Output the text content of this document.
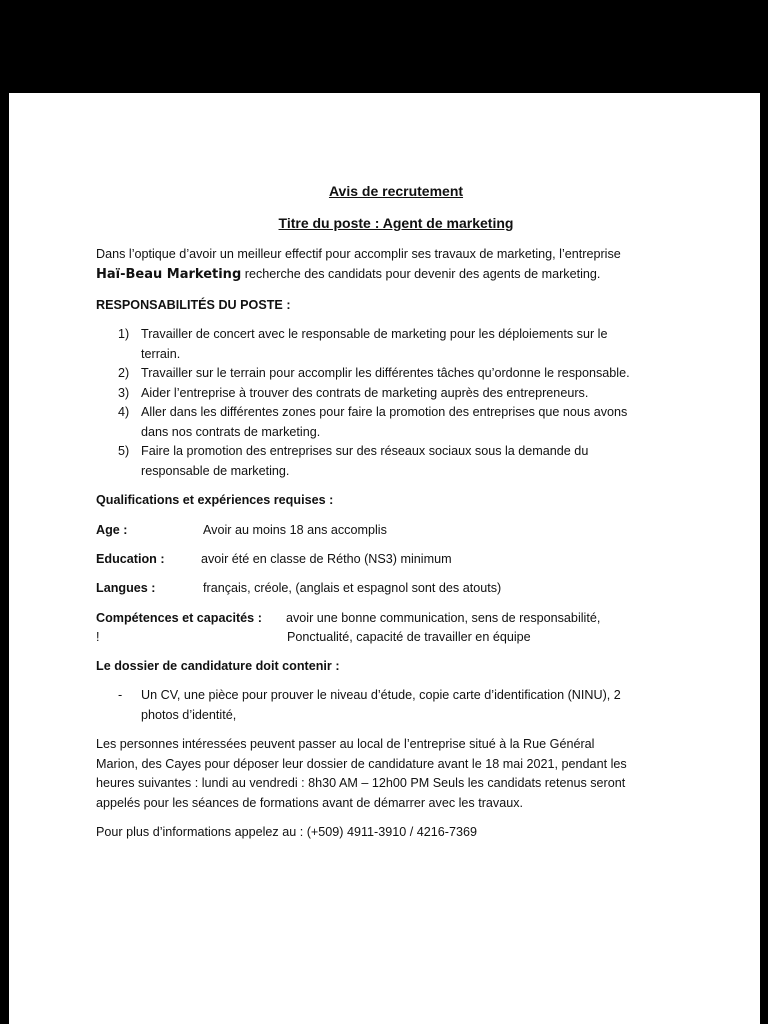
Avis de recrutement
Titre du poste : Agent de marketing
Dans l’optique d’avoir un meilleur effectif pour accomplir ses travaux de marketing, l’entreprise
Haï-Beau Marketing recherche des candidats pour devenir des agents de marketing.
RESPONSABILITÉS DU POSTE :
1) Travailler de concert avec le responsable de marketing pour les déploiements sur le
terrain.
2) Travailler sur le terrain pour accomplir les différentes tâches qu’ordonne le responsable.
3) Aider l’entreprise à trouver des contrats de marketing auprès des entrepreneurs.
4) Aller dans les différentes zones pour faire la promotion des entreprises que nous avons
dans nos contrats de marketing.
5) Faire la promotion des entreprises sur des réseaux sociaux sous la demande du
responsable de marketing.
Qualifications et expériences requises :
Age :	Avoir au moins 18 ans accomplis
Education :	avoir été en classe de Rétho (NS3) minimum
Langues :	français, créole, (anglais et espagnol sont des atouts)
Compétences et capacités : avoir une bonne communication, sens de responsabilité,
!	Ponctualité, capacité de travailler en équipe
Le dossier de candidature doit contenir :
- Un CV, une pièce pour prouver le niveau d’étude, copie carte d’identification (NINU), 2
photos d’identité,
Les personnes intéressées peuvent passer au local de l’entreprise situé à la Rue Général
Marion, des Cayes pour déposer leur dossier de candidature avant le 18 mai 2021, pendant les
heures suivantes : lundi au vendredi : 8h30 AM – 12h00 PM Seuls les candidats retenus seront
appelés pour les séances de formations avant de démarrer avec les travaux.
Pour plus d’informations appelez au : (+509) 4911-3910 / 4216-7369
